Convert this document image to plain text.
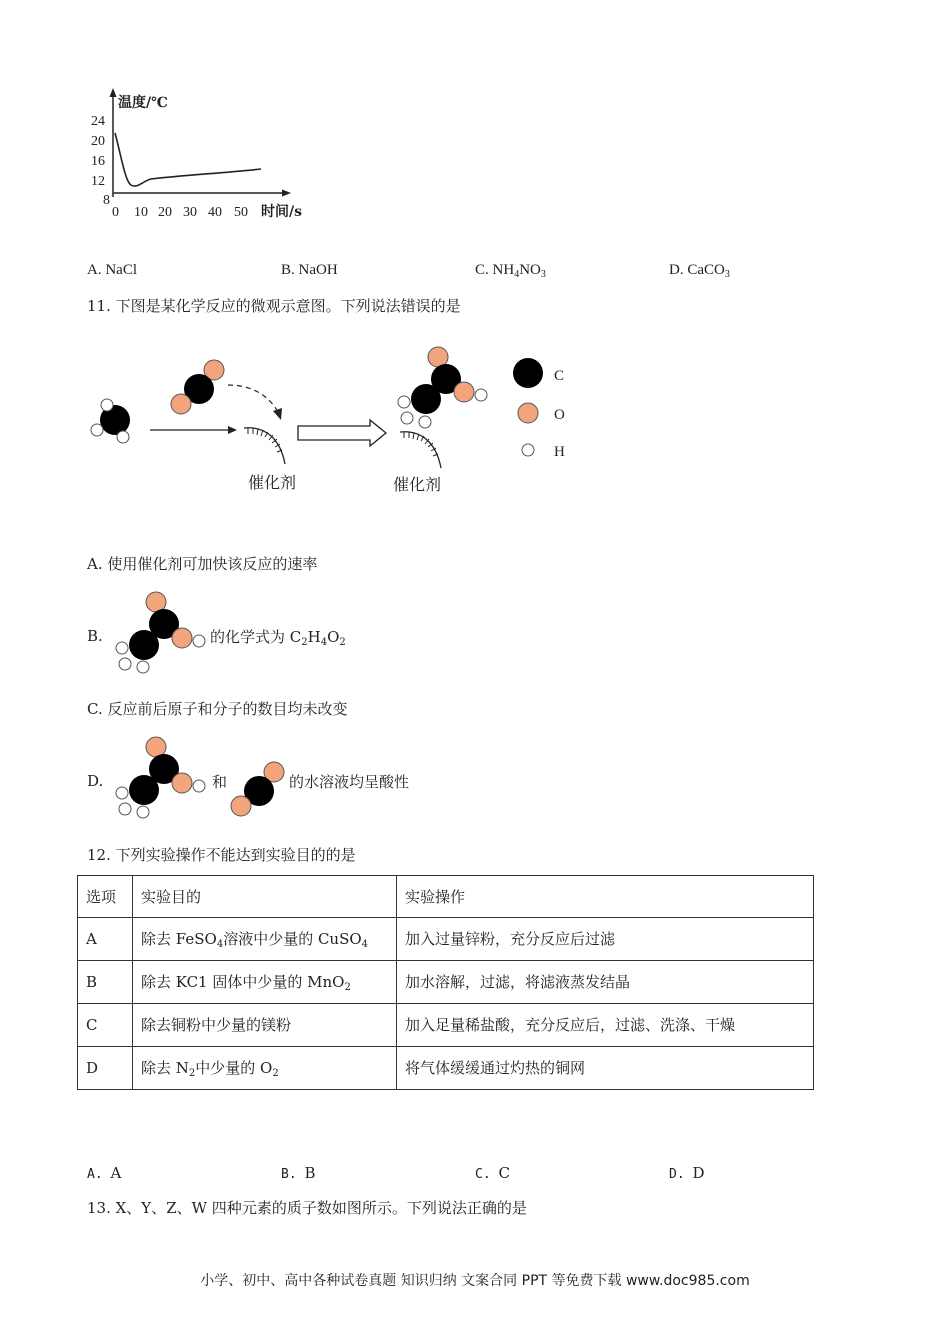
温度/℃
24
20
16
12
8
0 10 20 30 40 50 时间/s
A. NaCl	B. NaOH	C. $NH_4NO_3$	D. CaCO$_3$
11. 下图是某化学反应的微观示意图。下列说法错误的是
C
O
H
催化剂	催化剂
A. 使用催化剂可加快该反应的速率
B.	的化学式为 $C_2H_4O_2$
C. 反应前后原子和分子的数目均未改变
D.	和	的水溶液均呈酸性
12. 下列实验操作不能达到实验目的的是
选项	实验目的	实验操作
A	除去 FeSO$_4$溶液中少量的 CuSO$_4$	加入过量锌粉，充分反应后过滤
B	除去 KC1 固体中少量的 MnO$_2$	加水溶解，过滤，将滤液蒸发结晶
C	除去铜粉中少量的镁粉	加入足量稀盐酸，充分反应后，过滤、洗涤、干燥
D	除去 $N_2$中少量的 $O_2$	将气体缓缓通过灼热的铜网
A. A	B. B	C. C	D. D
13. X、Y、Z、W 四种元素的质子数如图所示。下列说法正确的是
小学、初中、高中各种试卷真题 知识归纳 文案合同 PPT 等免费下载 www.doc985.com
